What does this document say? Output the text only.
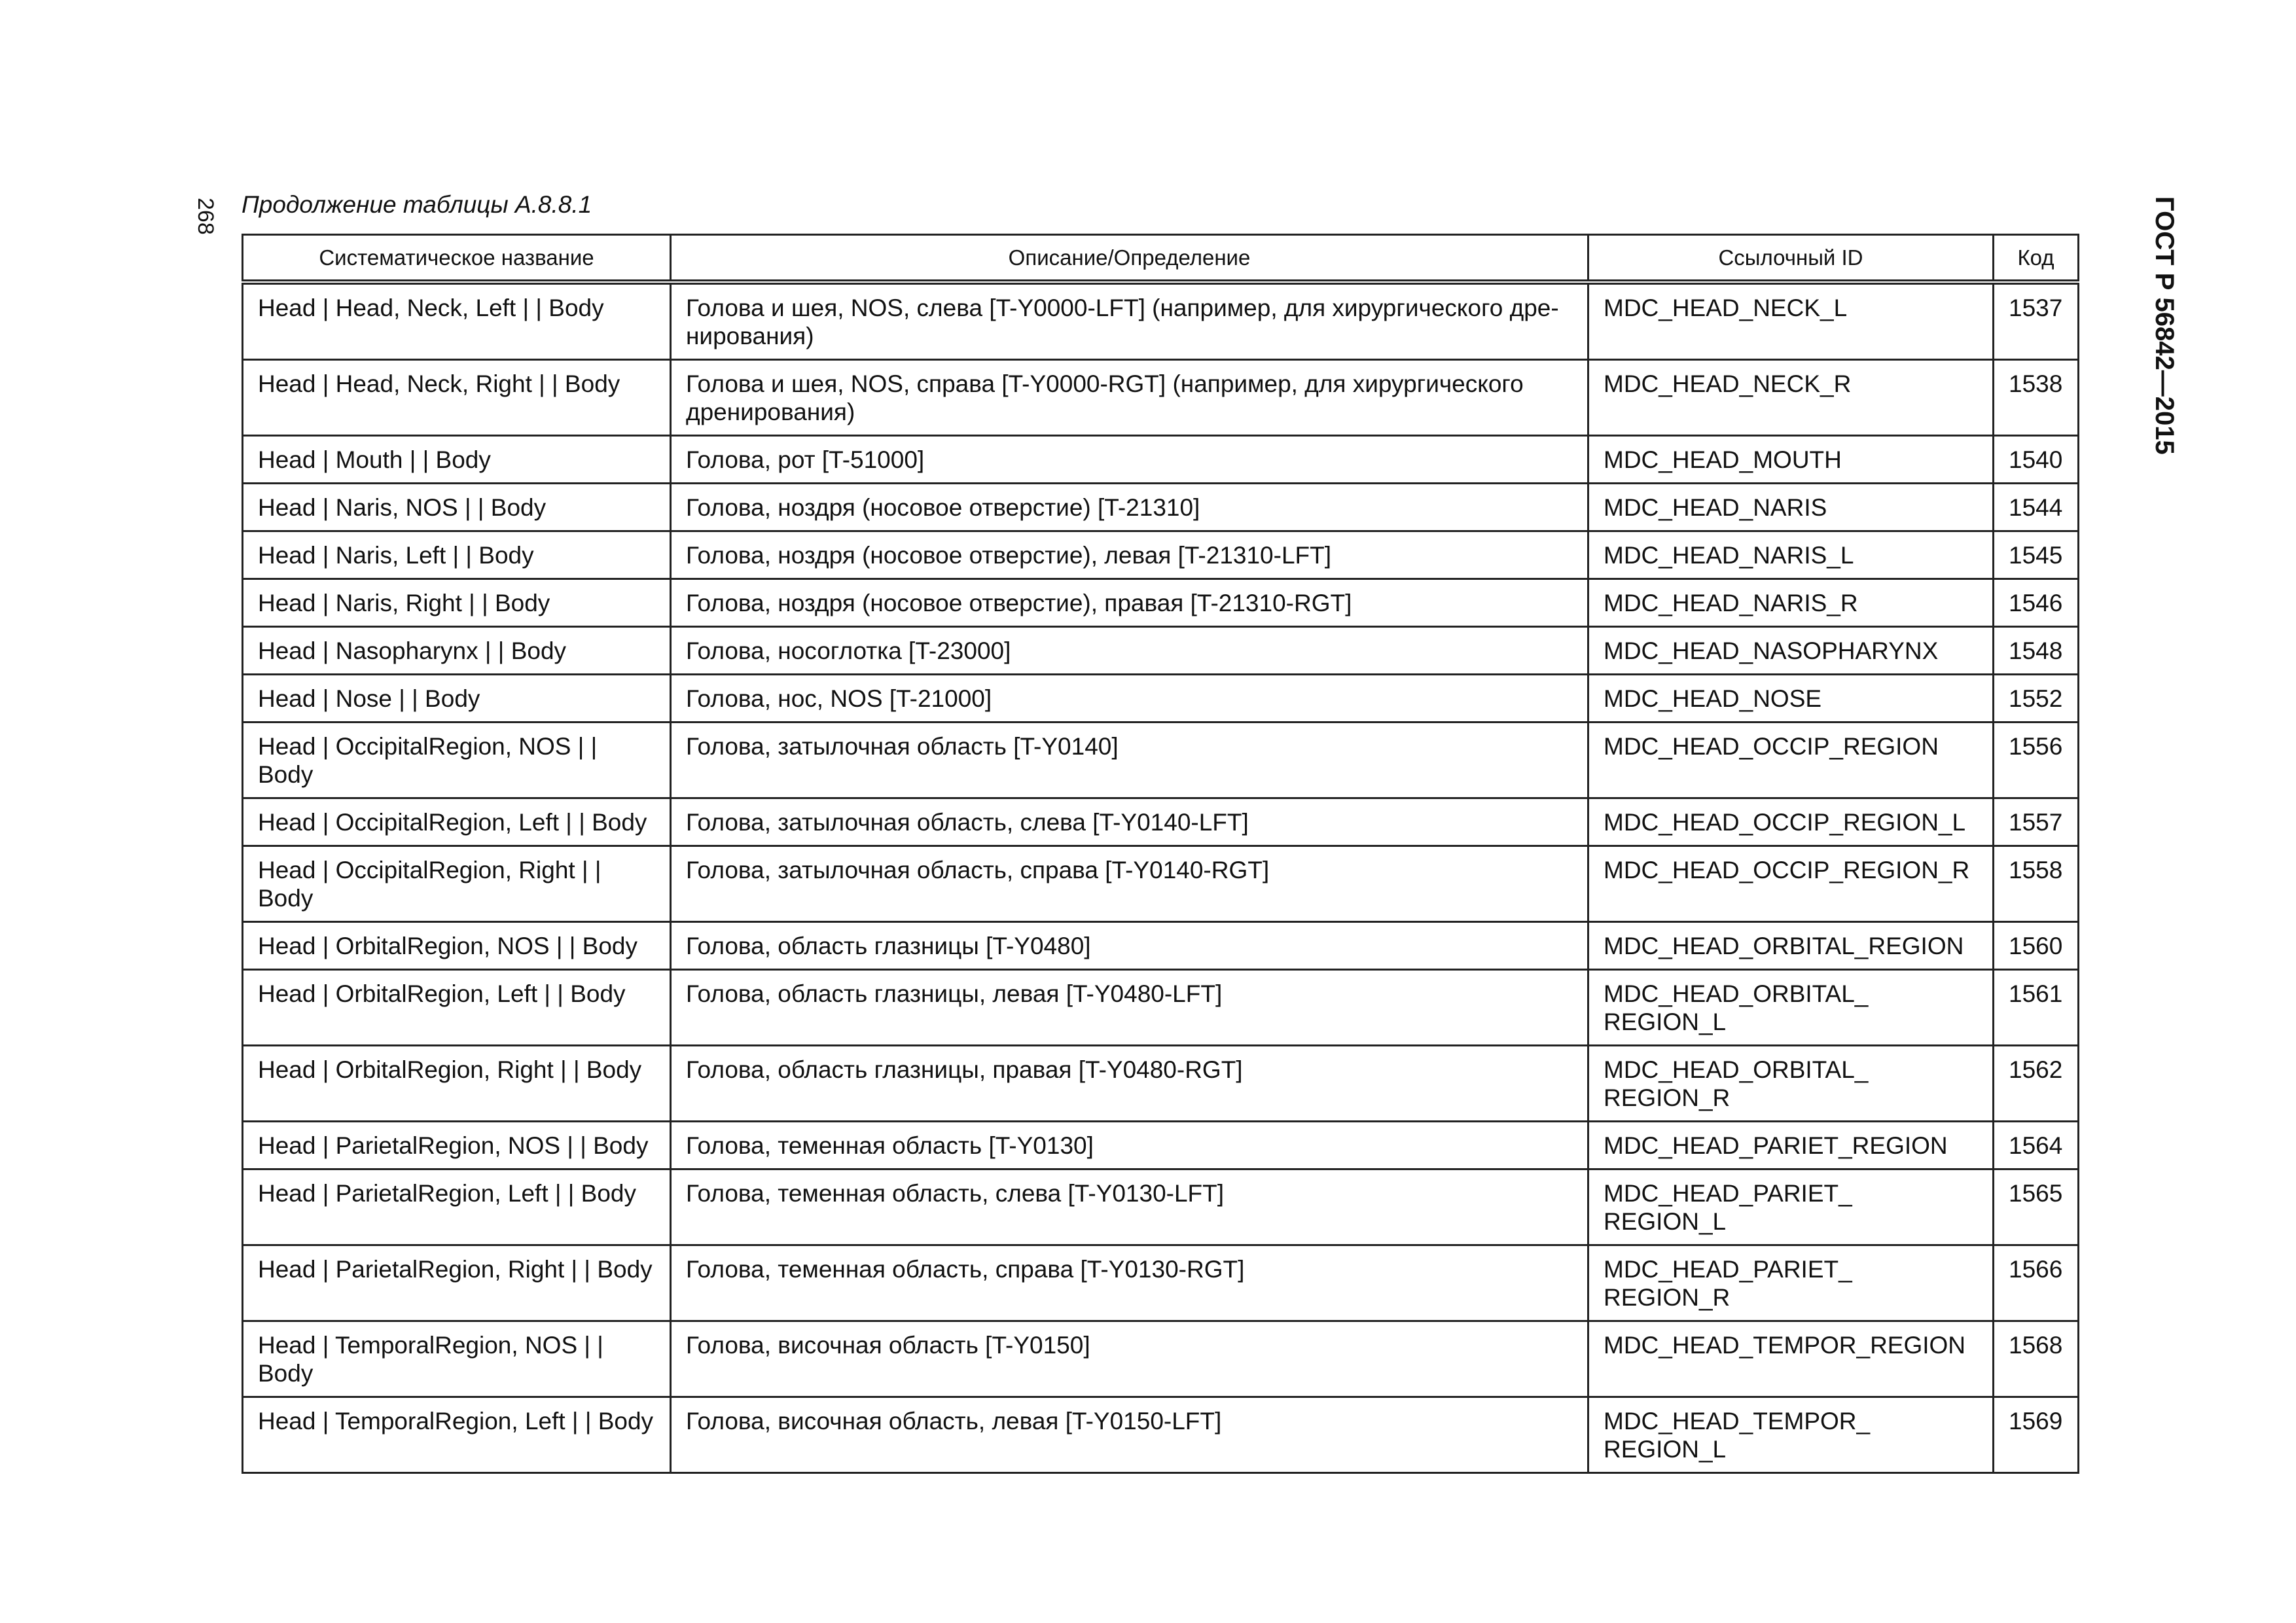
268	ГОСТ Р 56842—2015
Продолжение таблицы А.8.8.1
Систематическое название	Описание/Определение	Ссылочный ID	Код
Head | Head, Neck, Left | | Body	Голова и шея, NOS, слева [T-Y0000-LFT] (например, для хирургического дре-нирования)	MDC_HEAD_NECK_L	1537
Head | Head, Neck, Right | | Body	Голова и шея, NOS, справа [T-Y0000-RGT] (например, для хирургического дренирования)	MDC_HEAD_NECK_R	1538
Head | Mouth | | Body	Голова, рот [T-51000]	MDC_HEAD_MOUTH	1540
Head | Naris, NOS | | Body	Голова, ноздря (носовое отверстие) [T-21310]	MDC_HEAD_NARIS	1544
Head | Naris, Left | | Body	Голова, ноздря (носовое отверстие), левая [T-21310-LFT]	MDC_HEAD_NARIS_L	1545
Head | Naris, Right | | Body	Голова, ноздря (носовое отверстие), правая [T-21310-RGT]	MDC_HEAD_NARIS_R	1546
Head | Nasopharynx | | Body	Голова, носоглотка [T-23000]	MDC_HEAD_NASOPHARYNX	1548
Head | Nose | | Body	Голова, нос, NOS [T-21000]	MDC_HEAD_NOSE	1552
Head | OccipitalRegion, NOS | | Body	Голова, затылочная область [T-Y0140]	MDC_HEAD_OCCIP_REGION	1556
Head | OccipitalRegion, Left | | Body	Голова, затылочная область, слева [T-Y0140-LFT]	MDC_HEAD_OCCIP_REGION_L	1557
Head | OccipitalRegion, Right | | Body	Голова, затылочная область, справа [T-Y0140-RGT]	MDC_HEAD_OCCIP_REGION_R	1558
Head | OrbitalRegion, NOS | | Body	Голова, область глазницы [T-Y0480]	MDC_HEAD_ORBITAL_REGION	1560
Head | OrbitalRegion, Left | | Body	Голова, область глазницы, левая [T-Y0480-LFT]	MDC_HEAD_ORBITAL_ REGION_L	1561
Head | OrbitalRegion, Right | | Body	Голова, область глазницы, правая [T-Y0480-RGT]	MDC_HEAD_ORBITAL_ REGION_R	1562
Head | ParietalRegion, NOS | | Body	Голова, теменная область [T-Y0130]	MDC_HEAD_PARIET_REGION	1564
Head | ParietalRegion, Left | | Body	Голова, теменная область, слева [T-Y0130-LFT]	MDC_HEAD_PARIET_ REGION_L	1565
Head | ParietalRegion, Right | | Body	Голова, теменная область, справа [T-Y0130-RGT]	MDC_HEAD_PARIET_ REGION_R	1566
Head | TemporalRegion, NOS | | Body	Голова, височная область [T-Y0150]	MDC_HEAD_TEMPOR_REGION	1568
Head | TemporalRegion, Left | | Body	Голова, височная область, левая [T-Y0150-LFT]	MDC_HEAD_TEMPOR_ REGION_L	1569
